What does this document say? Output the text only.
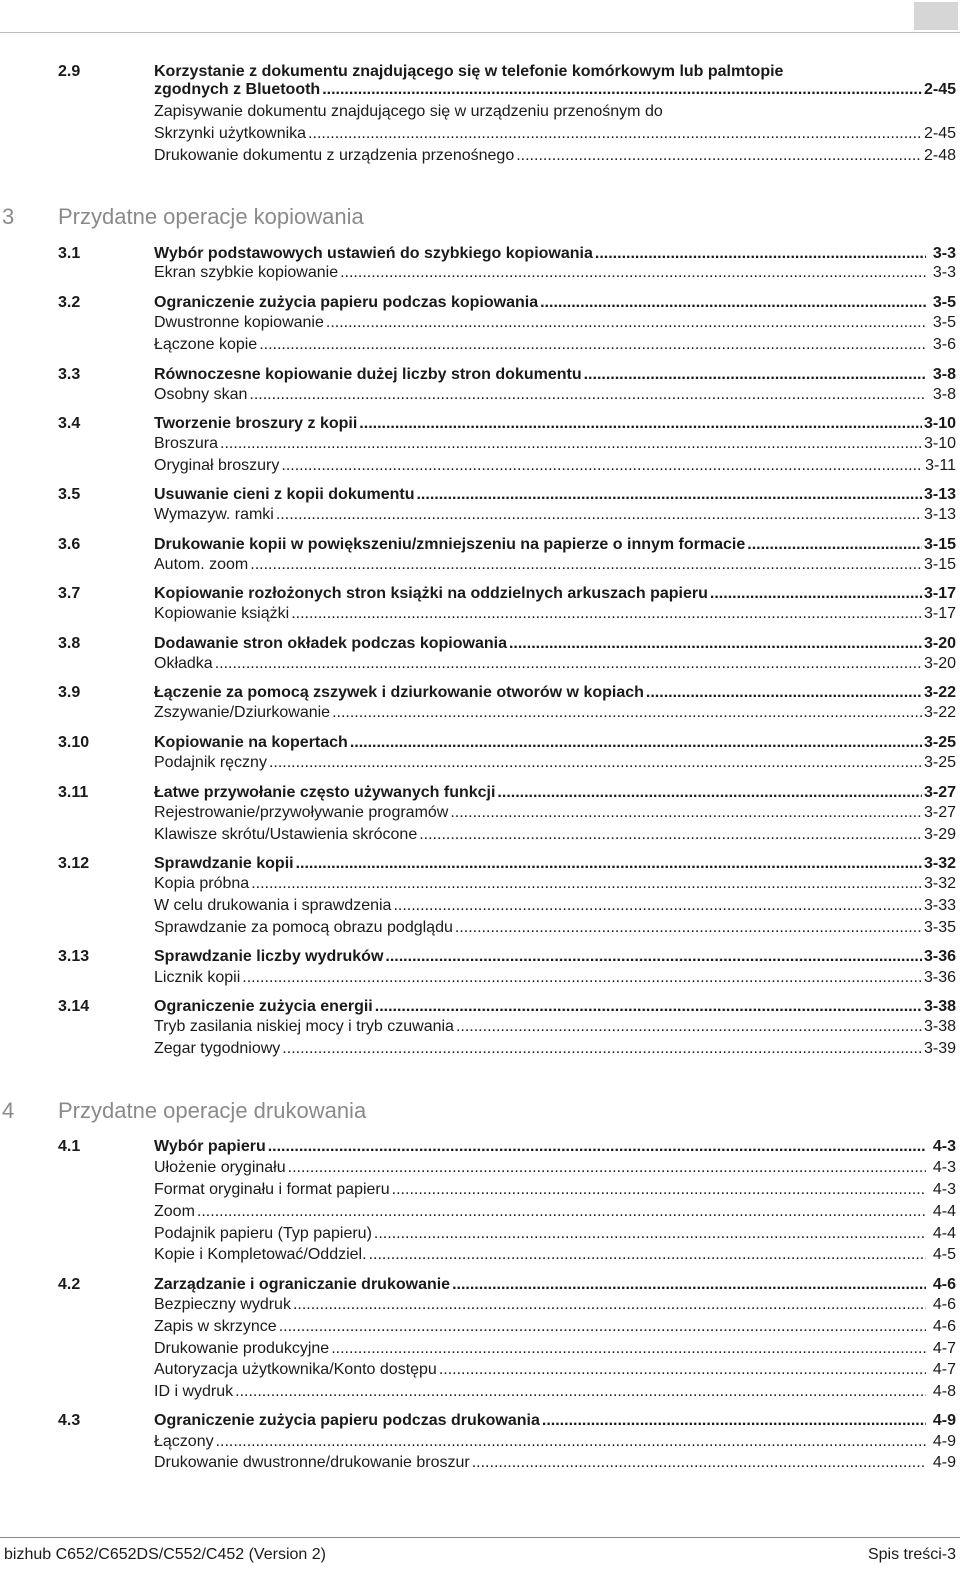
3 Przydatne operacje kopiowania
4 Przydatne operacje drukowania
2.9	Korzystanie z dokumentu znajdującego się w telefonie komórkowym lub palmtopie
zgodnych z Bluetooth .....	2-45
Zapisywanie dokumentu znajdującego się w urządzeniu przenośnym do
Skrzynki użytkownika .....	2-45
Drukowanie dokumentu z urządzenia przenośnego .....	2-48
3.1	Wybór podstawowych ustawień do szybkiego kopiowania .....	3-3
Ekran szybkie kopiowanie .....	3-3
3.2	Ograniczenie zużycia papieru podczas kopiowania .....	3-5
Dwustronne kopiowanie .....	3-5
Łączone kopie .....	3-6
3.3	Równoczesne kopiowanie dużej liczby stron dokumentu .....	3-8
Osobny skan .....	3-8
3.4	Tworzenie broszury z kopii .....	3-10
Broszura .....	3-10
Oryginał broszury .....	3-11
3.5	Usuwanie cieni z kopii dokumentu .....	3-13
Wymazyw. ramki .....	3-13
3.6	Drukowanie kopii w powiększeniu/zmniejszeniu na papierze o innym formacie .....	3-15
Autom. zoom .....	3-15
3.7	Kopiowanie rozłożonych stron książki na oddzielnych arkuszach papieru .....	3-17
Kopiowanie książki .....	3-17
3.8	Dodawanie stron okładek podczas kopiowania .....	3-20
Okładka .....	3-20
3.9	Łączenie za pomocą zszywek i dziurkowanie otworów w kopiach .....	3-22
Zszywanie/Dziurkowanie .....	3-22
3.10	Kopiowanie na kopertach .....	3-25
Podajnik ręczny .....	3-25
3.11	Łatwe przywołanie często używanych funkcji .....	3-27
Rejestrowanie/przywoływanie programów .....	3-27
Klawisze skrótu/Ustawienia skrócone .....	3-29
3.12	Sprawdzanie kopii .....	3-32
Kopia próbna .....	3-32
W celu drukowania i sprawdzenia .....	3-33
Sprawdzanie za pomocą obrazu podglądu .....	3-35
3.13	Sprawdzanie liczby wydruków .....	3-36
Licznik kopii .....	3-36
3.14	Ograniczenie zużycia energii .....	3-38
Tryb zasilania niskiej mocy i tryb czuwania .....	3-38
Zegar tygodniowy .....	3-39
4.1	Wybór papieru .....	4-3
Ułożenie oryginału .....	4-3
Format oryginału i format papieru .....	4-3
Zoom .....	4-4
Podajnik papieru (Typ papieru) .....	4-4
Kopie i Kompletować/Oddziel. .....	4-5
4.2	Zarządzanie i ograniczanie drukowanie .....	4-6
Bezpieczny wydruk .....	4-6
Zapis w skrzynce .....	4-6
Drukowanie produkcyjne .....	4-7
Autoryzacja użytkownika/Konto dostępu .....	4-7
ID i wydruk .....	4-8
4.3	Ograniczenie zużycia papieru podczas drukowania .....	4-9
Łączony .....	4-9
Drukowanie dwustronne/drukowanie broszur .....	4-9
bizhub C652/C652DS/C552/C452 (Version 2)	Spis treści-3
